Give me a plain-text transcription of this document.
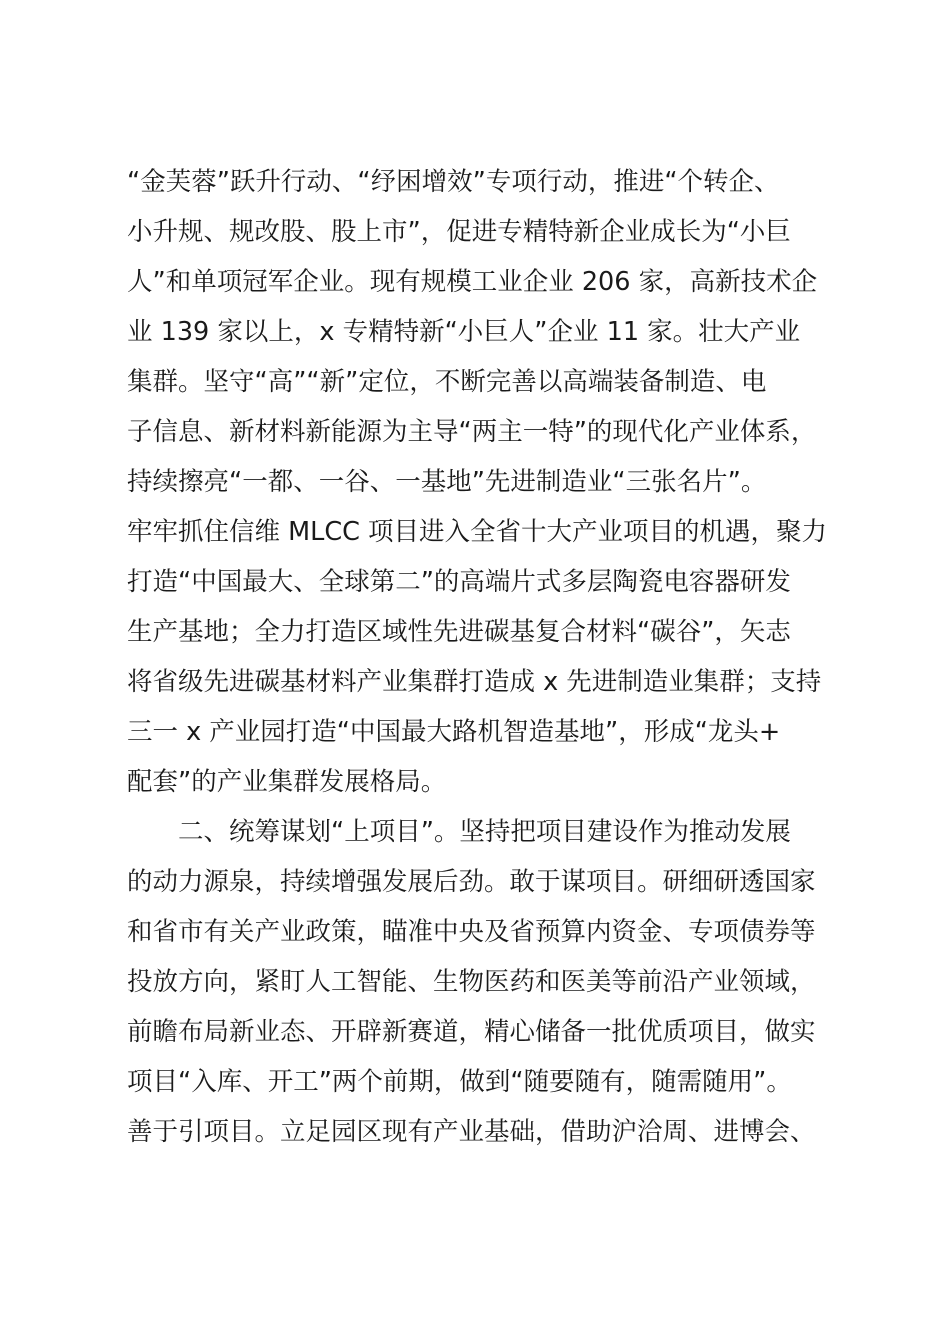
“金芙蓉”跃升行动、“纾困增效”专项行动，推进“个转企、
小升规、规改股、股上市”，促进专精特新企业成长为“小巨
人”和单项冠军企业。现有规模工业企业 206 家，高新技术企
业 139 家以上，x 专精特新“小巨人”企业 11 家。壮大产业
集群。坚守“高”“新”定位，不断完善以高端装备制造、电
子信息、新材料新能源为主导“两主一特”的现代化产业体系，
持续擦亮“一都、一谷、一基地”先进制造业“三张名片”。
牢牢抓住信维 MLCC 项目进入全省十大产业项目的机遇，聚力
打造“中国最大、全球第二”的高端片式多层陶瓷电容器研发
生产基地；全力打造区域性先进碳基复合材料“碳谷”，矢志
将省级先进碳基材料产业集群打造成 x 先进制造业集群；支持
三一 x 产业园打造“中国最大路机智造基地”，形成“龙头+
配套”的产业集群发展格局。
二、统筹谋划“上项目”。坚持把项目建设作为推动发展
的动力源泉，持续增强发展后劲。敢于谋项目。研细研透国家
和省市有关产业政策，瞄准中央及省预算内资金、专项债券等
投放方向，紧盯人工智能、生物医药和医美等前沿产业领域，
前瞻布局新业态、开辟新赛道，精心储备一批优质项目，做实
项目“入库、开工”两个前期，做到“随要随有，随需随用”。
善于引项目。立足园区现有产业基础，借助沪洽周、进博会、
